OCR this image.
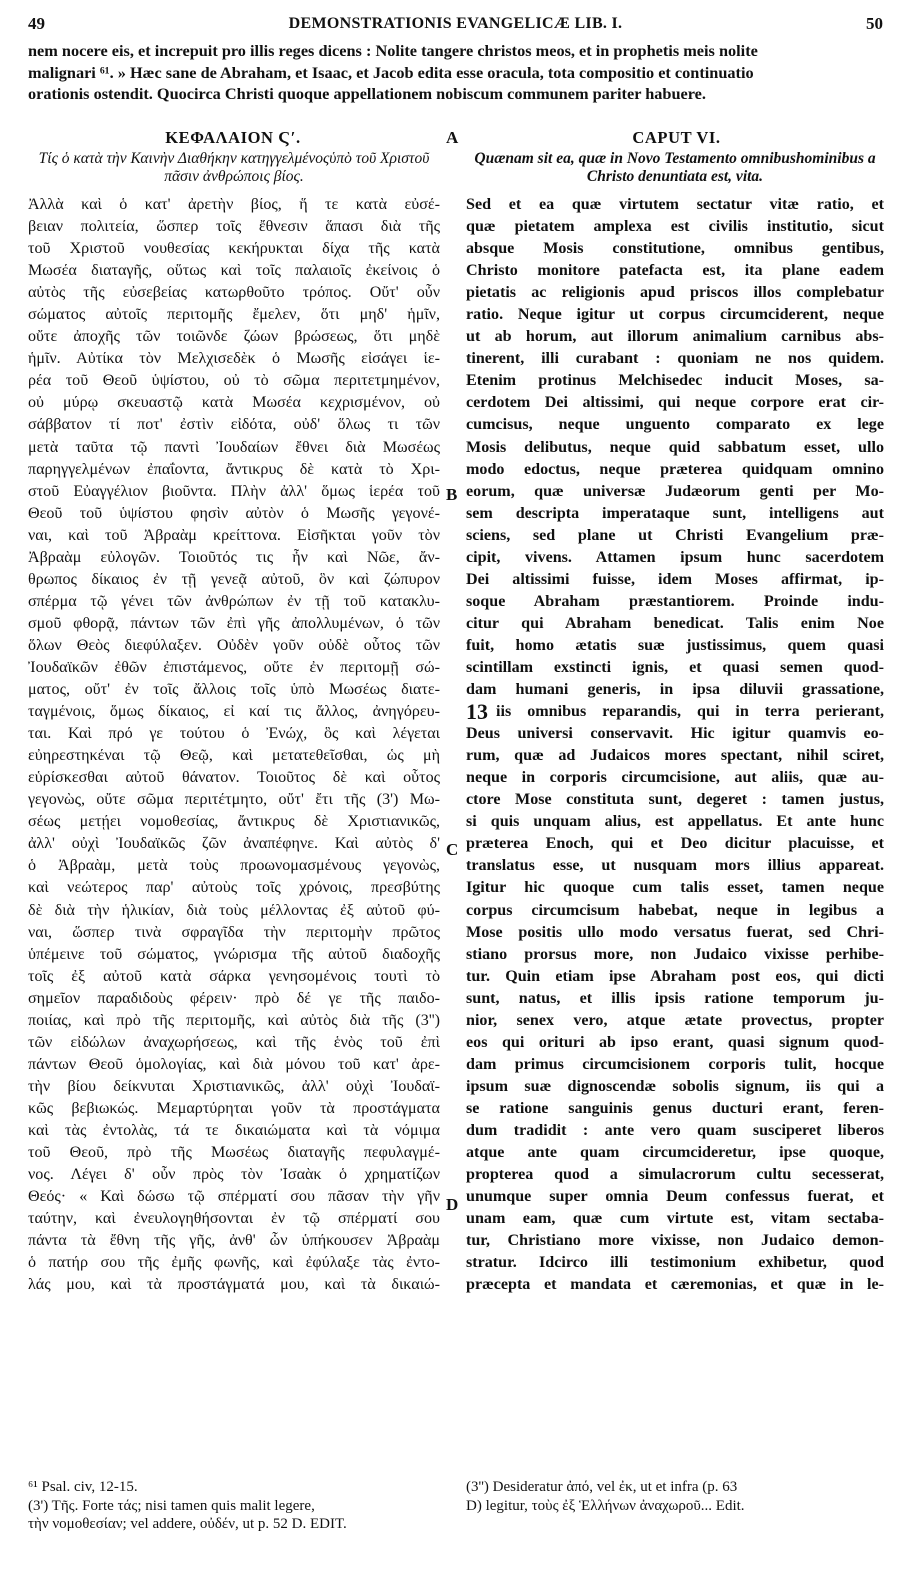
49	DEMONSTRATIONIS EVANGELICÆ LIB. I.	50
nem nocere eis, et increpuit pro illis reges dicens : Nolite tangere christos meos, et in prophetis meis nolite
malignari ⁶¹. » Hæc sane de Abraham, et Isaac, et Jacob edita esse oracula, tota compositio et continuatio
orationis ostendit. Quocirca Christi quoque appellationem nobiscum communem pariter habuere.
ΚΕΦΑΛΑΙΟΝ Ϛʹ.	CAPUT VI.
Τίς ὁ κατὰ τὴν Καινὴν Διαθήκην κατηγγελμένοςὑπὸ τοῦ Χριστοῦ πᾶσιν ἀνθρώποις βίος.
Quænam sit ea, quæ in Novo Testamento omnibushominibus a Christo denuntiata est, vita.
Ἀλλὰ καὶ ὁ κατ' ἀρετὴν βίος, ἥ τε κατὰ εὐσέ-
βειαν πολιτεία, ὥσπερ τοῖς ἔθνεσιν ἅπασι διὰ τῆς
τοῦ Χριστοῦ νουθεσίας κεκήρυκται δίχα τῆς κατὰ
Μωσέα διαταγῆς, οὕτως καὶ τοῖς παλαιοῖς ἐκείνοις ὁ
αὐτὸς τῆς εὐσεβείας κατωρθοῦτο τρόπος. Οὔτ' οὖν
σώματος αὐτοῖς περιτομῆς ἔμελεν, ὅτι μηδ' ἡμῖν,
οὔτε ἀποχῆς τῶν τοιῶνδε ζώων βρώσεως, ὅτι μηδὲ
ἡμῖν. Αὐτίκα τὸν Μελχισεδὲκ ὁ Μωσῆς εἰσάγει ἱε-
ρέα τοῦ Θεοῦ ὑψίστου, οὐ τὸ σῶμα περιτετμημένον,
οὐ μύρῳ σκευαστῷ κατὰ Μωσέα κεχρισμένον, οὐ
σάββατον τί ποτ' ἐστὶν εἰδότα, οὐδ' ὅλως τι τῶν
μετὰ ταῦτα τῷ παντὶ Ἰουδαίων ἔθνει διὰ Μωσέως
παρηγγελμένων ἐπαΐοντα, ἄντικρυς δὲ κατὰ τὸ Χρι-
στοῦ Εὐαγγέλιον βιοῦντα. Πλὴν ἀλλ' ὅμως ἱερέα τοῦ
Θεοῦ τοῦ ὑψίστου φησὶν αὐτὸν ὁ Μωσῆς γεγονέ-
ναι, καὶ τοῦ Ἀβραὰμ κρείττονα. Εἰσῆκται γοῦν τὸν
Ἀβραὰμ εὐλογῶν. Τοιοῦτός τις ἦν καὶ Νῶε, ἄν-
θρωπος δίκαιος ἐν τῇ γενεᾷ αὐτοῦ, ὃν καὶ ζώπυρον
σπέρμα τῷ γένει τῶν ἀνθρώπων ἐν τῇ τοῦ κατακλυ-
σμοῦ φθορᾷ, πάντων τῶν ἐπὶ γῆς ἀπολλυμένων, ὁ τῶν
ὅλων Θεὸς διεφύλαξεν. Οὐδὲν γοῦν οὐδὲ οὗτος τῶν
Ἰουδαϊκῶν ἐθῶν ἐπιστάμενος, οὔτε ἐν περιτομῇ σώ-
ματος, οὔτ' ἐν τοῖς ἄλλοις τοῖς ὑπὸ Μωσέως διατε-
ταγμένοις, ὅμως δίκαιος, εἰ καί τις ἄλλος, ἀνηγόρευ-
ται. Καὶ πρό γε τούτου ὁ Ἐνώχ, ὃς καὶ λέγεται
εὐηρεστηκέναι τῷ Θεῷ, καὶ μετατεθεῖσθαι, ὡς μὴ
εὑρίσκεσθαι αὐτοῦ θάνατον. Τοιοῦτος δὲ καὶ οὗτος
γεγονὼς, οὔτε σῶμα περιτέτμητο, οὔτ' ἔτι τῆς (3') Μω-
σέως μετῄει νομοθεσίας, ἄντικρυς δὲ Χριστιανικῶς,
ἀλλ' οὐχὶ Ἰουδαϊκῶς ζῶν ἀναπέφηνε. Καὶ αὐτὸς δ'
ὁ Ἀβραὰμ, μετὰ τοὺς προωνομασμένους γεγονὼς,
καὶ νεώτερος παρ' αὐτοὺς τοῖς χρόνοις, πρεσβύτης
δὲ διὰ τὴν ἡλικίαν, διὰ τοὺς μέλλοντας ἐξ αὐτοῦ φύ-
ναι, ὥσπερ τινὰ σφραγῖδα τὴν περιτομὴν πρῶτος
ὑπέμεινε τοῦ σώματος, γνώρισμα τῆς αὐτοῦ διαδοχῆς
τοῖς ἐξ αὐτοῦ κατὰ σάρκα γενησομένοις τουτὶ τὸ
σημεῖον παραδιδοὺς φέρειν· πρὸ δέ γε τῆς παιδο-
ποιίας, καὶ πρὸ τῆς περιτομῆς, καὶ αὐτὸς διὰ τῆς (3'')
τῶν εἰδώλων ἀναχωρήσεως, καὶ τῆς ἑνὸς τοῦ ἐπὶ
πάντων Θεοῦ ὁμολογίας, καὶ διὰ μόνου τοῦ κατ' ἀρε-
τὴν βίου δείκνυται Χριστιανικῶς, ἀλλ' οὐχὶ Ἰουδαϊ-
κῶς βεβιωκώς. Μεμαρτύρηται γοῦν τὰ προστάγματα
καὶ τὰς ἐντολὰς, τά τε δικαιώματα καὶ τὰ νόμιμα
τοῦ Θεοῦ, πρὸ τῆς Μωσέως διαταγῆς πεφυλαγμέ-
νος. Λέγει δ' οὖν πρὸς τὸν Ἰσαὰκ ὁ χρηματίζων
Θεός· « Καὶ δώσω τῷ σπέρματί σου πᾶσαν τὴν γῆν
ταύτην, καὶ ἐνευλογηθήσονται ἐν τῷ σπέρματί σου
πάντα τὰ ἔθνη τῆς γῆς, ἀνθ' ὧν ὑπήκουσεν Ἀβραὰμ
ὁ πατήρ σου τῆς ἐμῆς φωνῆς, καὶ ἐφύλαξε τὰς ἐντο-
λάς μου, καὶ τὰ προστάγματά μου, καὶ τὰ δικαιώ-
Sed et ea quæ virtutem sectatur vitæ ratio, et
quæ pietatem amplexa est civilis institutio, sicut
absque Mosis constitutione, omnibus gentibus,
Christo monitore patefacta est, ita plane eadem
pietatis ac religionis apud priscos illos complebatur
ratio. Neque igitur ut corpus circumciderent, neque
ut ab horum, aut illorum animalium carnibus abs-
tinerent, illi curabant : quoniam ne nos quidem.
Etenim protinus Melchisedec inducit Moses, sa-
cerdotem Dei altissimi, qui neque corpore erat cir-
cumcisus, neque unguento comparato ex lege
Mosis delibutus, neque quid sabbatum esset, ullo
modo edoctus, neque præterea quidquam omnino
eorum, quæ universæ Judæorum genti per Mo-
sem descripta imperataque sunt, intelligens aut
sciens, sed plane ut Christi Evangelium præ-
cipit, vivens. Attamen ipsum hunc sacerdotem
Dei altissimi fuisse, idem Moses affirmat, ip-
soque Abraham præstantiorem. Proinde indu-
citur qui Abraham benedicat. Talis enim Noe
fuit, homo ætatis suæ justissimus, quem quasi
scintillam exstincti ignis, et quasi semen quod-
dam humani generis, in ipsa diluvii grassatione,
iis omnibus reparandis, qui in terra perierant,
Deus universi conservavit. Hic igitur quamvis eo-
rum, quæ ad Judaicos mores spectant, nihil sciret,
neque in corporis circumcisione, aut aliis, quæ au-
ctore Mose constituta sunt, degeret : tamen justus,
si quis unquam alius, est appellatus. Et ante hunc
præterea Enoch, qui et Deo dicitur placuisse, et
translatus esse, ut nusquam mors illius appareat.
Igitur hic quoque cum talis esset, tamen neque
corpus circumcisum habebat, neque in legibus a
Mose positis ullo modo versatus fuerat, sed Chri-
stiano prorsus more, non Judaico vixisse perhibe-
tur. Quin etiam ipse Abraham post eos, qui dicti
sunt, natus, et illis ipsis ratione temporum ju-
nior, senex vero, atque ætate provectus, propter
eos qui orituri ab ipso erant, quasi signum quod-
dam primus circumcisionem corporis tulit, hocque
ipsum suæ dignoscendæ sobolis signum, iis qui a
se ratione sanguinis genus ducturi erant, feren-
dum tradidit : ante vero quam susciperet liberos
atque ante quam circumcideretur, ipse quoque,
propterea quod a simulacrorum cultu secesserat,
unumque super omnia Deum confessus fuerat, et
unam eam, quæ cum virtute est, vitam sectaba-
tur, Christiano more vixisse, non Judaico demon-
stratur. Idcirco illi testimonium exhibetur, quod
præcepta et mandata et cæremonias, et quæ in le-
A
B
C
D
13
⁶¹ Psal. civ, 12-15.
(3') Τῆς. Forte τάς; nisi tamen quis malit legere,
τὴν νομοθεσίαν; vel addere, οὐδέν, ut p. 52 D. EDIT.
(3'') Desideratur ἀπό, vel ἐκ, ut et infra (p. 63
D) legitur, τοὺς ἐξ Ἑλλήνων ἀναχωροῦ... Edit.
